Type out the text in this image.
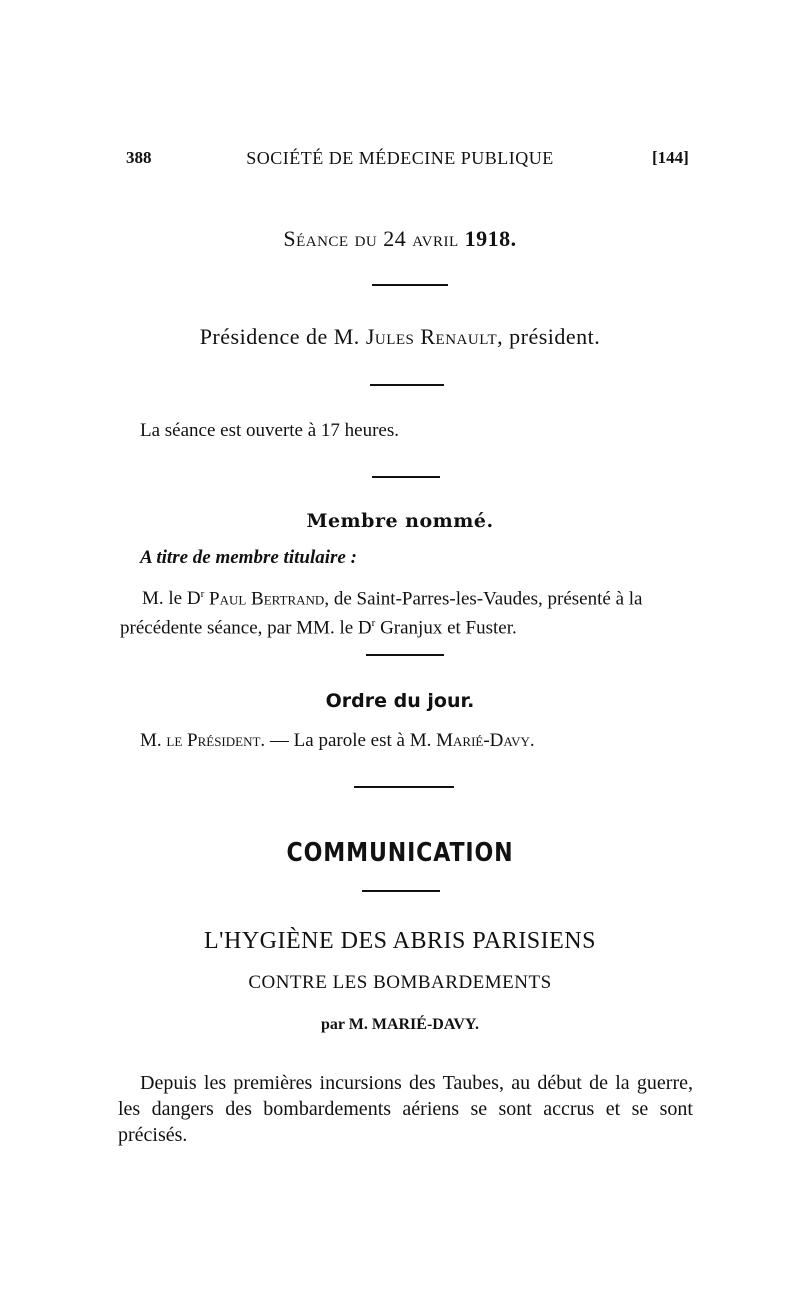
388	SOCIÉTÉ DE MÉDECINE PUBLIQUE	[144]
Séance du 24 avril 1918.
Présidence de M. Jules Renault, président.
La séance est ouverte à 17 heures.
Membre nommé.
A titre de membre titulaire :
M. le $D^r$ Paul Bertrand, de Saint-Parres-les-Vaudes, présenté à la précédente séance, par MM. le $D^r$ Granjux et Fuster.
Ordre du jour.
M. le Président. — La parole est à M. Marié-Davy.
COMMUNICATION
L'HYGIÈNE DES ABRIS PARISIENS
CONTRE LES BOMBARDEMENTS
par M. MARIÉ-DAVY.
Depuis les premières incursions des Taubes, au début de la guerre, les dangers des bombardements aériens se sont accrus et se sont précisés.
